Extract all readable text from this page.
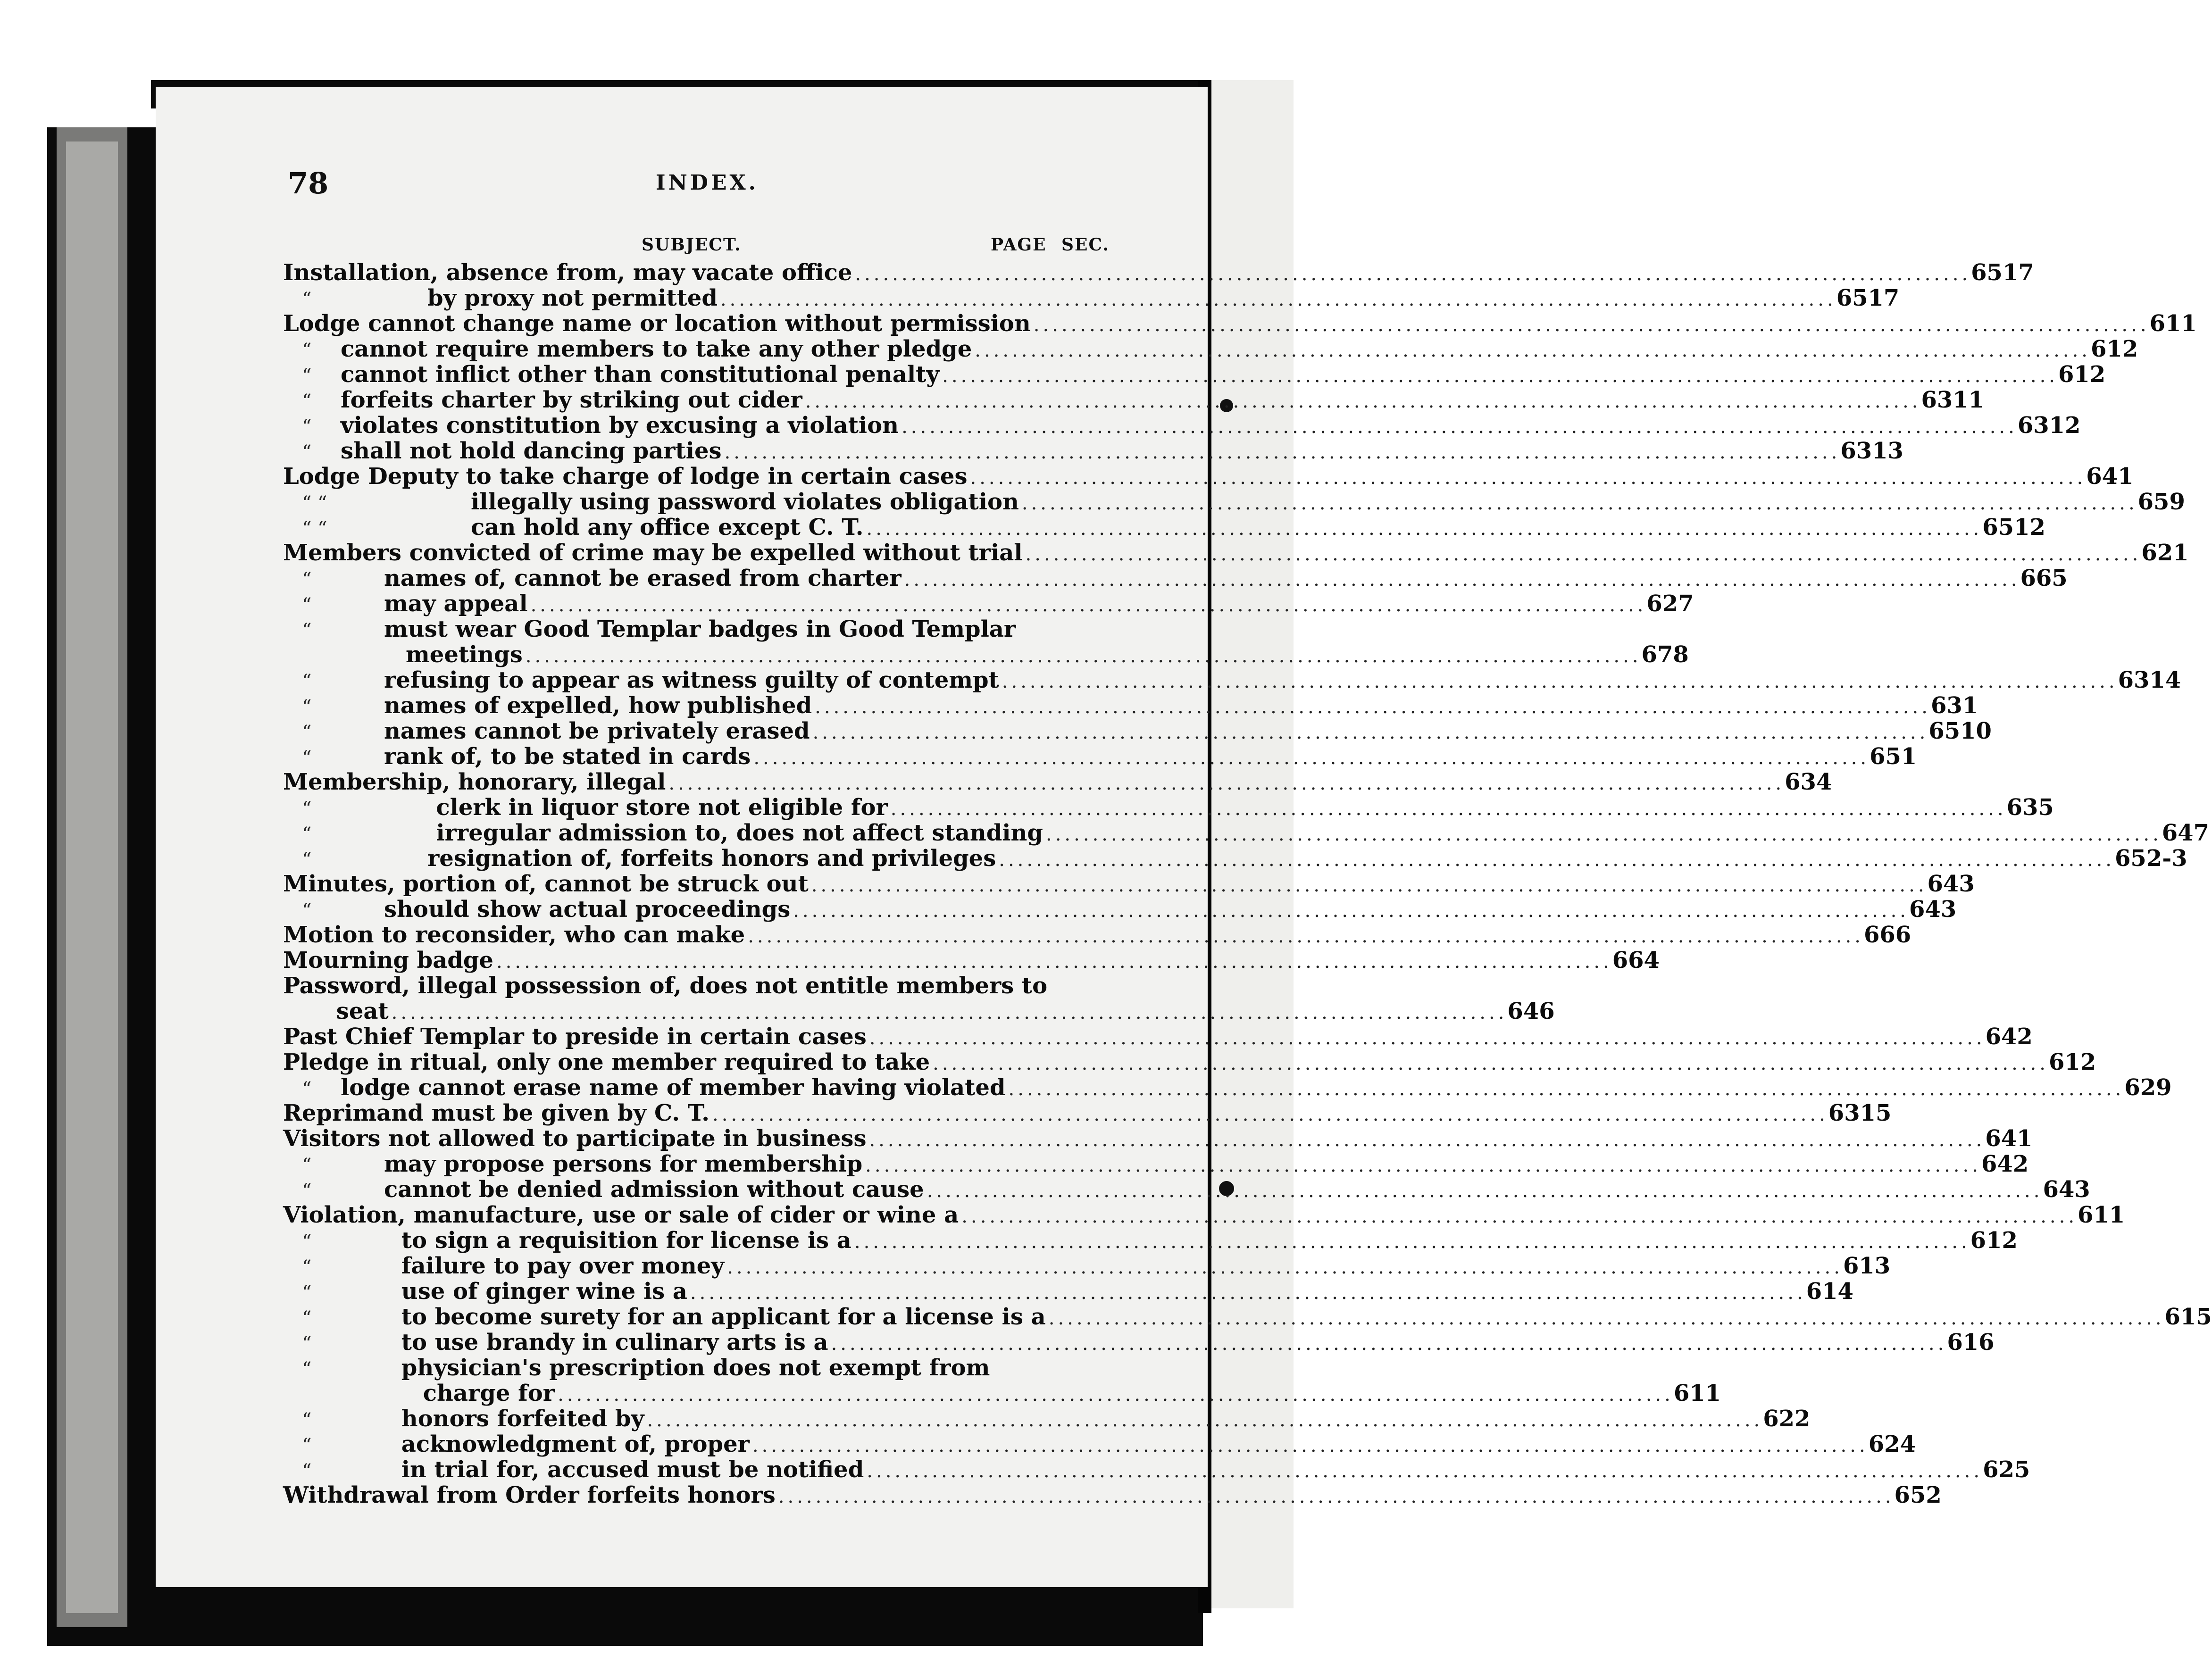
78	INDEX.
SUBJECT.	PAGE SEC.
Installation, absence from, may vacate office ........................................................................................................................ 65 17
“	by proxy not permitted ........................................................................................................................ 65 17
Lodge cannot change name or location without permission ........................................................................................................................ 61 1
“	cannot require members to take any other pledge ........................................................................................................................ 61 2
“	cannot inflict other than constitutional penalty ........................................................................................................................ 61 2
“	forfeits charter by striking out cider ........................................................................................................................ 63 11
“	violates constitution by excusing a violation ........................................................................................................................ 63 12
“	shall not hold dancing parties ........................................................................................................................ 63 13
Lodge Deputy to take charge of lodge in certain cases ........................................................................................................................ 64 1
“ “	illegally using password violates obligation ........................................................................................................................ 65 9
“ “	can hold any office except C. T. ........................................................................................................................ 65 12
Members convicted of crime may be expelled without trial ........................................................................................................................ 62 1
“	names of, cannot be erased from charter ........................................................................................................................ 66 5
“	may appeal ........................................................................................................................ 62 7
“	must wear Good Templar badges in Good Templar
meetings ........................................................................................................................ 67 8
“	refusing to appear as witness guilty of contempt ........................................................................................................................ 63 14
“	names of expelled, how published ........................................................................................................................ 63 1
“	names cannot be privately erased ........................................................................................................................ 65 10
“	rank of, to be stated in cards ........................................................................................................................ 65 1
Membership, honorary, illegal ........................................................................................................................ 63 4
“	clerk in liquor store not eligible for ........................................................................................................................ 63 5
“	irregular admission to, does not affect standing ........................................................................................................................ 64 7
“	resignation of, forfeits honors and privileges ........................................................................................................................ 65 2-3
Minutes, portion of, cannot be struck out ........................................................................................................................ 64 3
“	should show actual proceedings ........................................................................................................................ 64 3
Motion to reconsider, who can make ........................................................................................................................ 66 6
Mourning badge ........................................................................................................................ 66 4
Password, illegal possession of, does not entitle members to
seat ........................................................................................................................ 64 6
Past Chief Templar to preside in certain cases ........................................................................................................................ 64 2
Pledge in ritual, only one member required to take ........................................................................................................................ 61 2
“	lodge cannot erase name of member having violated ........................................................................................................................ 62 9
Reprimand must be given by C. T. ........................................................................................................................ 63 15
Visitors not allowed to participate in business ........................................................................................................................ 64 1
“	may propose persons for membership ........................................................................................................................ 64 2
“	cannot be denied admission without cause ........................................................................................................................ 64 3
Violation, manufacture, use or sale of cider or wine a ........................................................................................................................ 61 1
“	to sign a requisition for license is a ........................................................................................................................ 61 2
“	failure to pay over money ........................................................................................................................ 61 3
“	use of ginger wine is a ........................................................................................................................ 61 4
“	to become surety for an applicant for a license is a ........................................................................................................................ 61 5
“	to use brandy in culinary arts is a ........................................................................................................................ 61 6
“	physician's prescription does not exempt from
charge for ........................................................................................................................ 61 1
“	honors forfeited by ........................................................................................................................ 62 2
“	acknowledgment of, proper ........................................................................................................................ 62 4
“	in trial for, accused must be notified ........................................................................................................................ 62 5
Withdrawal from Order forfeits honors ........................................................................................................................ 65 2
